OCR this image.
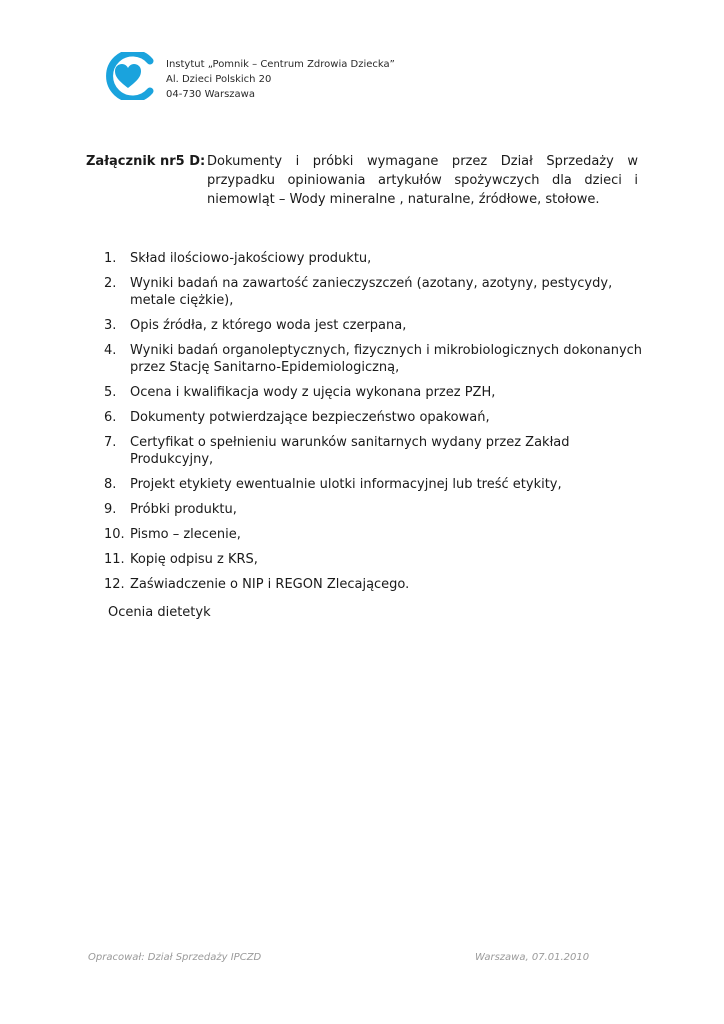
Instytut „Pomnik – Centrum Zdrowia Dziecka”
Al. Dzieci Polskich 20
04-730 Warszawa
Załącznik nr5 D: Dokumenty i próbki wymagane przez Dział Sprzedaży w przypadku opiniowania artykułów spożywczych dla dzieci i niemowląt – Wody mineralne , naturalne, źródłowe, stołowe.
1. Skład ilościowo-jakościowy produktu,
2. Wyniki badań na zawartość zanieczyszczeń (azotany, azotyny, pestycydy, metale ciężkie),
3. Opis źródła, z którego woda jest czerpana,
4. Wyniki badań organoleptycznych, fizycznych i mikrobiologicznych dokonanych przez Stację Sanitarno-Epidemiologiczną,
5. Ocena i kwalifikacja wody z ujęcia wykonana przez PZH,
6. Dokumenty potwierdzające bezpieczeństwo opakowań,
7. Certyfikat o spełnieniu warunków sanitarnych wydany przez Zakład Produkcyjny,
8. Projekt etykiety ewentualnie ulotki informacyjnej lub treść etykity,
9. Próbki produktu,
10. Pismo – zlecenie,
11. Kopię odpisu z KRS,
12. Zaświadczenie o NIP i REGON Zlecającego.
Ocenia dietetyk
Opracował: Dział Sprzedaży IPCZD	Warszawa, 07.01.2010
